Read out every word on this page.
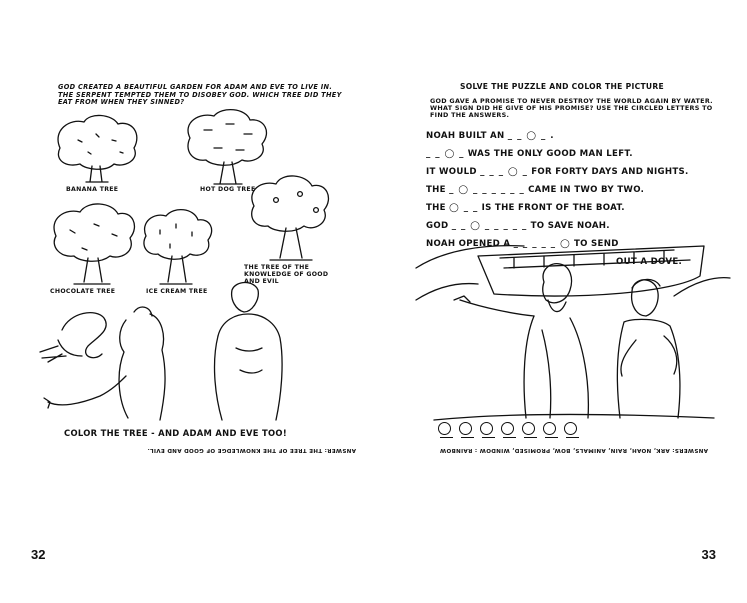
GOD CREATED A BEAUTIFUL GARDEN FOR ADAM AND EVE TO LIVE IN. THE SERPENT TEMPTED THEM TO DISOBEY GOD. WHICH TREE DID THEY EAT FROM WHEN THEY SINNED?
BANANA TREE	HOT DOG TREE
THE TREE OF THE KNOWLEDGE OF GOOD AND EVIL
CHOCOLATE TREE	ICE CREAM TREE
COLOR THE TREE - AND ADAM AND EVE TOO!
ANSWER: THE TREE OF THE KNOWLEDGE OF GOOD AND EVIL.
32
SOLVE THE PUZZLE AND COLOR THE PICTURE
GOD GAVE A PROMISE TO NEVER DESTROY THE WORLD AGAIN BY WATER. WHAT SIGN DID HE GIVE OF HIS PROMISE? USE THE CIRCLED LETTERS TO FIND THE ANSWERS.
NOAH BUILT AN _ _ ◯ _ .
_ _ ◯ _ WAS THE ONLY GOOD MAN LEFT.
IT WOULD _ _ _ ◯ _ FOR FORTY DAYS AND NIGHTS.
THE _ ◯ _ _ _ _ _ _ CAME IN TWO BY TWO.
THE ◯ _ _ IS THE FRONT OF THE BOAT.
GOD _ _ ◯ _ _ _ _ _ TO SAVE NOAH.
NOAH OPENED A _ _ _ _ _ ◯ TO SEND
OUT A DOVE.
ANSWERS: ARK, NOAH, RAIN, ANIMALS, BOW, PROMISED, WINDOW : RAINBOW
33
